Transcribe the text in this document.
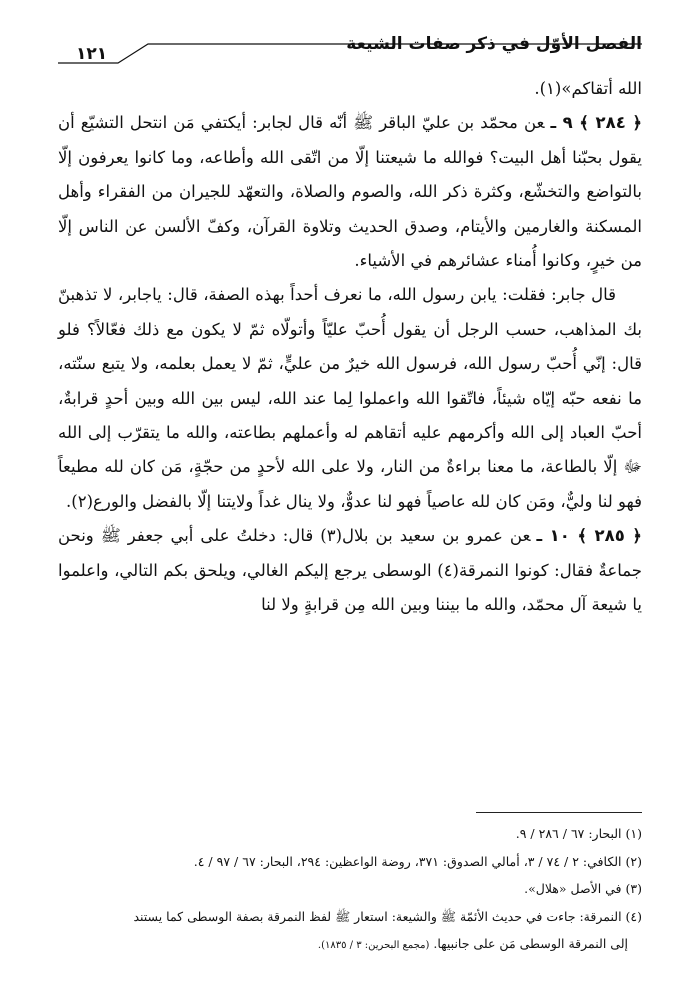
الفصل الأوّل في ذكر صفات الشيعة
١٢١

الله أتقاكم»(١).

﴿ ٢٨٤ ﴾ ٩ ـعن محمّد بن عليّ الباقر ﷺ أنّه قال لجابر: أيكتفي مَن انتحل التشيّع أن يقول بحبّنا أهل البيت؟ فوالله ما شيعتنا إلّا من اتّقى الله وأطاعه، وما كانوا يعرفون إلّا بالتواضع والتخشّع، وكثرة ذكر الله، والصوم والصلاة، والتعهّد للجيران من الفقراء وأهل المسكنة والغارمين والأيتام، وصدق الحديث وتلاوة القرآن، وكفّ الألسن عن الناس إلّا من خيرٍ، وكانوا أُمناء عشائرهم في الأشياء.

قال جابر: فقلت: يابن رسول الله، ما نعرف أحداً بهذه الصفة، قال: ياجابر، لا تذهبنّ بك المذاهب، حسب الرجل أن يقول أُحبّ عليّاً وأتولّاه ثمّ لا يكون مع ذلك فعّالاً؟ فلو قال: إنّي أُحبّ رسول الله، فرسول الله خيرٌ من عليٍّ، ثمّ لا يعمل بعلمه، ولا يتبع سنّته، ما نفعه حبّه إيّاه شيئاً، فاتّقوا الله واعملوا لِما عند الله، ليس بين الله وبين أحدٍ قرابةٌ، أحبّ العباد إلى الله وأكرمهم عليه أتقاهم له وأعملهم بطاعته، والله ما يتقرّب إلى الله ﷻ إلّا بالطاعة، ما معنا براءةٌ من النار، ولا على الله لأحدٍ من حجّةٍ، مَن كان لله مطيعاً فهو لنا وليٌّ، ومَن كان لله عاصياً فهو لنا عدوٌّ، ولا ينال غداً ولايتنا إلّا بالفضل والورع(٢).

﴿ ٢٨٥ ﴾ ١٠ ـعن عمرو بن سعيد بن بلال(٣) قال: دخلتُ على أبي جعفر ﷺ ونحن جماعةٌ فقال: كونوا النمرقة(٤) الوسطى يرجع إليكم الغالي، ويلحق بكم التالي، واعلموا يا شيعة آل محمّد، والله ما بيننا وبين الله مِن قرابةٍ ولا لنا

(١) البحار: ٦٧ / ٢٨٦ / ٩.

(٢) الكافي: ٢ / ٧٤ / ٣، أمالي الصدوق: ٣٧١، روضة الواعظين: ٢٩٤، البحار: ٦٧ / ٩٧ / ٤.

(٣) في الأصل «هلال».

(٤) النمرقة: جاءت في حديث الأئمّة ﷺ والشيعة: استعار ﷺ لفظ النمرقة بصفة الوسطى كما يستند

إلى النمرقة الوسطى مَن على جانبيها. (مجمع البحرين: ٣ / ١٨٣٥).
